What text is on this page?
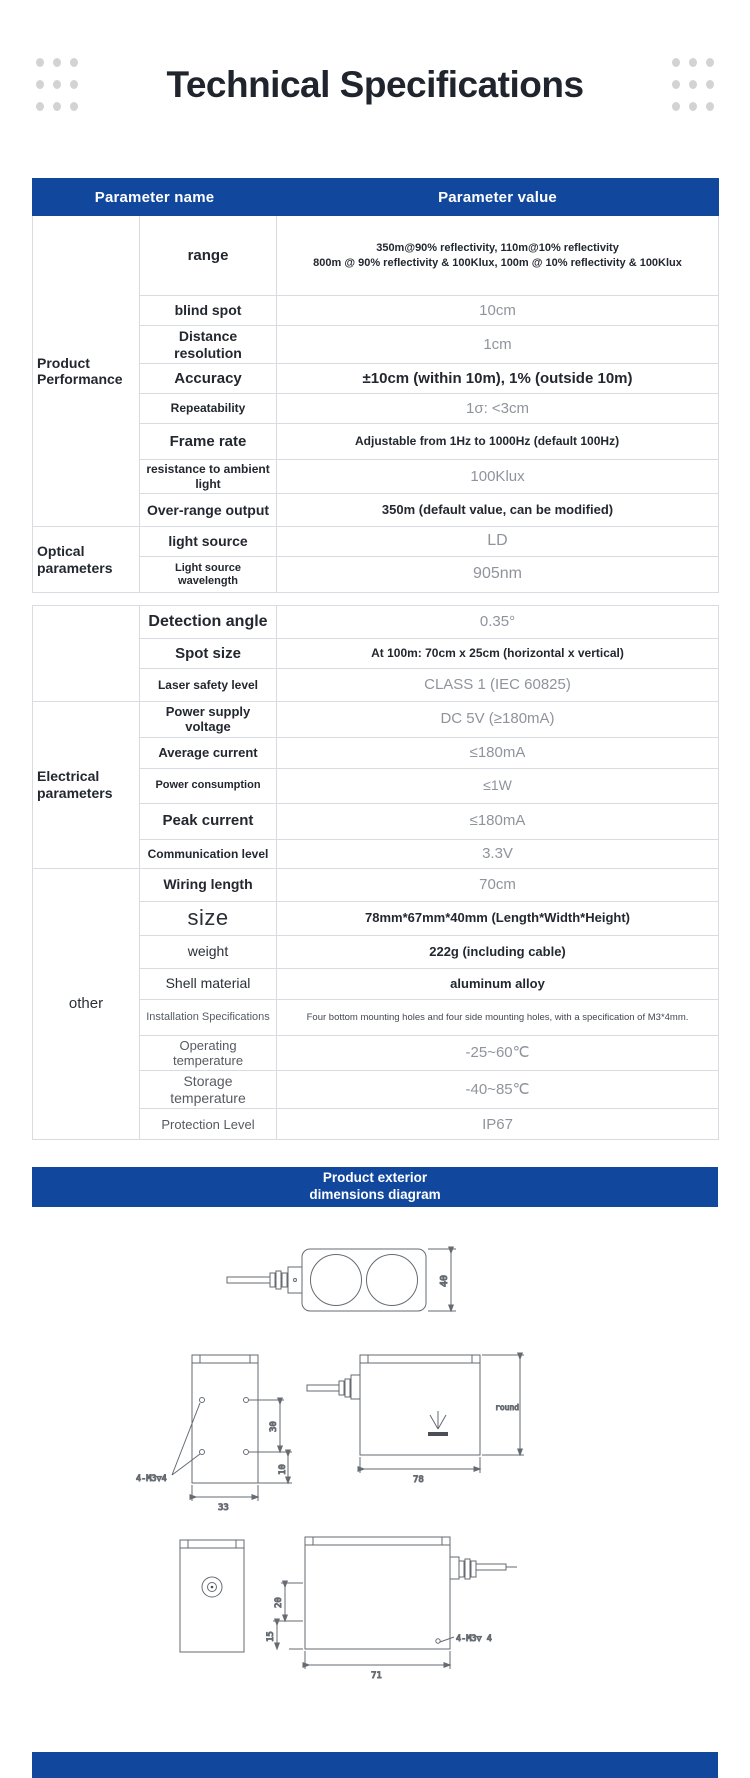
Technical Specifications
Parameter name		Parameter value
Product Performance	range	350m@90% reflectivity, 110m@10% reflectivity
800m @ 90% reflectivity & 100Klux, 100m @ 10% reflectivity & 100Klux

	blind spot	10cm

	Distance resolution	1cm

	Accuracy	±10cm (within 10m), 1% (outside 10m)

	Repeatability	1σ: <3cm

	Frame rate	Adjustable from 1Hz to 1000Hz (default 100Hz)

	resistance to ambient light	100Klux

	Over-range output	350m (default value, can be modified)

Optical parameters	light source	LD

	Light source wavelength	905nm
	Detection angle	0.35°

	Spot size	At 100m: 70cm x 25cm (horizontal x vertical)

	Laser safety level	CLASS 1 (IEC 60825)

Electrical parameters	Power supply voltage	DC 5V (≥180mA)

	Average current	≤180mA

	Power consumption	≤1W

	Peak current	≤180mA

	Communication level	3.3V

other	Wiring length	70cm

	size	78mm*67mm*40mm (Length*Width*Height)

	weight	222g (including cable)

	Shell material	aluminum alloy

	Installation Specifications	Four bottom mounting holes and four side mounting holes, with a specification of M3*4mm.

	Operating temperature	-25~60℃

	Storage temperature	-40~85℃

	Protection Level	IP67
Product exterior
dimensions diagram
40
30
10
33
4-M3▽4
round
78
20
15
71
4-M3▽ 4
